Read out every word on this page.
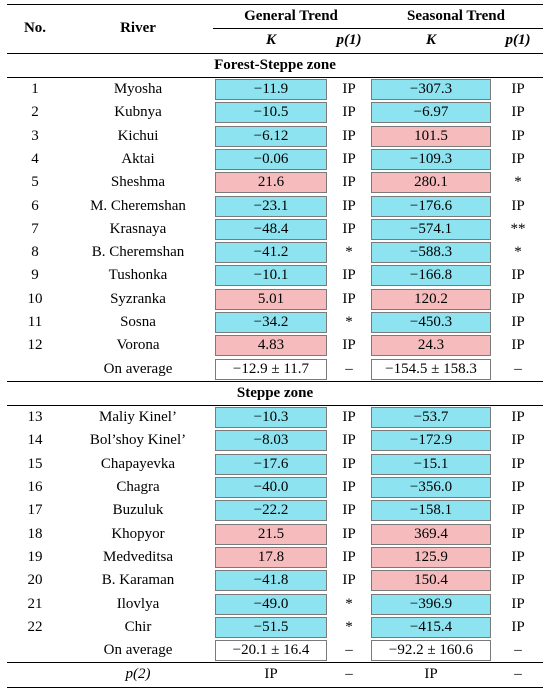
No.	River	General Trend		Seasonal Trend	
		K	p(1)	K	p(1)
Forest-Steppe zone					
1	Myosha	−11.9	IP	−307.3	IP
2	Kubnya	−10.5	IP	−6.97	IP
3	Kichui	−6.12	IP	101.5	IP
4	Aktai	−0.06	IP	−109.3	IP
5	Sheshma	21.6	IP	280.1	*
6	M. Cheremshan	−23.1	IP	−176.6	IP
7	Krasnaya	−48.4	IP	−574.1	**
8	B. Cheremshan	−41.2	*	−588.3	*
9	Tushonka	−10.1	IP	−166.8	IP
10	Syzranka	5.01	IP	120.2	IP
11	Sosna	−34.2	*	−450.3	IP
12	Vorona	4.83	IP	24.3	IP
	On average	−12.9 ± 11.7	–	−154.5 ± 158.3	–
Steppe zone					
13	Maliy Kinel’	−10.3	IP	−53.7	IP
14	Bol’shoy Kinel’	−8.03	IP	−172.9	IP
15	Chapayevka	−17.6	IP	−15.1	IP
16	Chagra	−40.0	IP	−356.0	IP
17	Buzuluk	−22.2	IP	−158.1	IP
18	Khopyor	21.5	IP	369.4	IP
19	Medveditsa	17.8	IP	125.9	IP
20	B. Karaman	−41.8	IP	150.4	IP
21	Ilovlya	−49.0	*	−396.9	IP
22	Chir	−51.5	*	−415.4	IP
	On average	−20.1 ± 16.4	–	−92.2 ± 160.6	–
	p(2)	IP	–	IP	–
